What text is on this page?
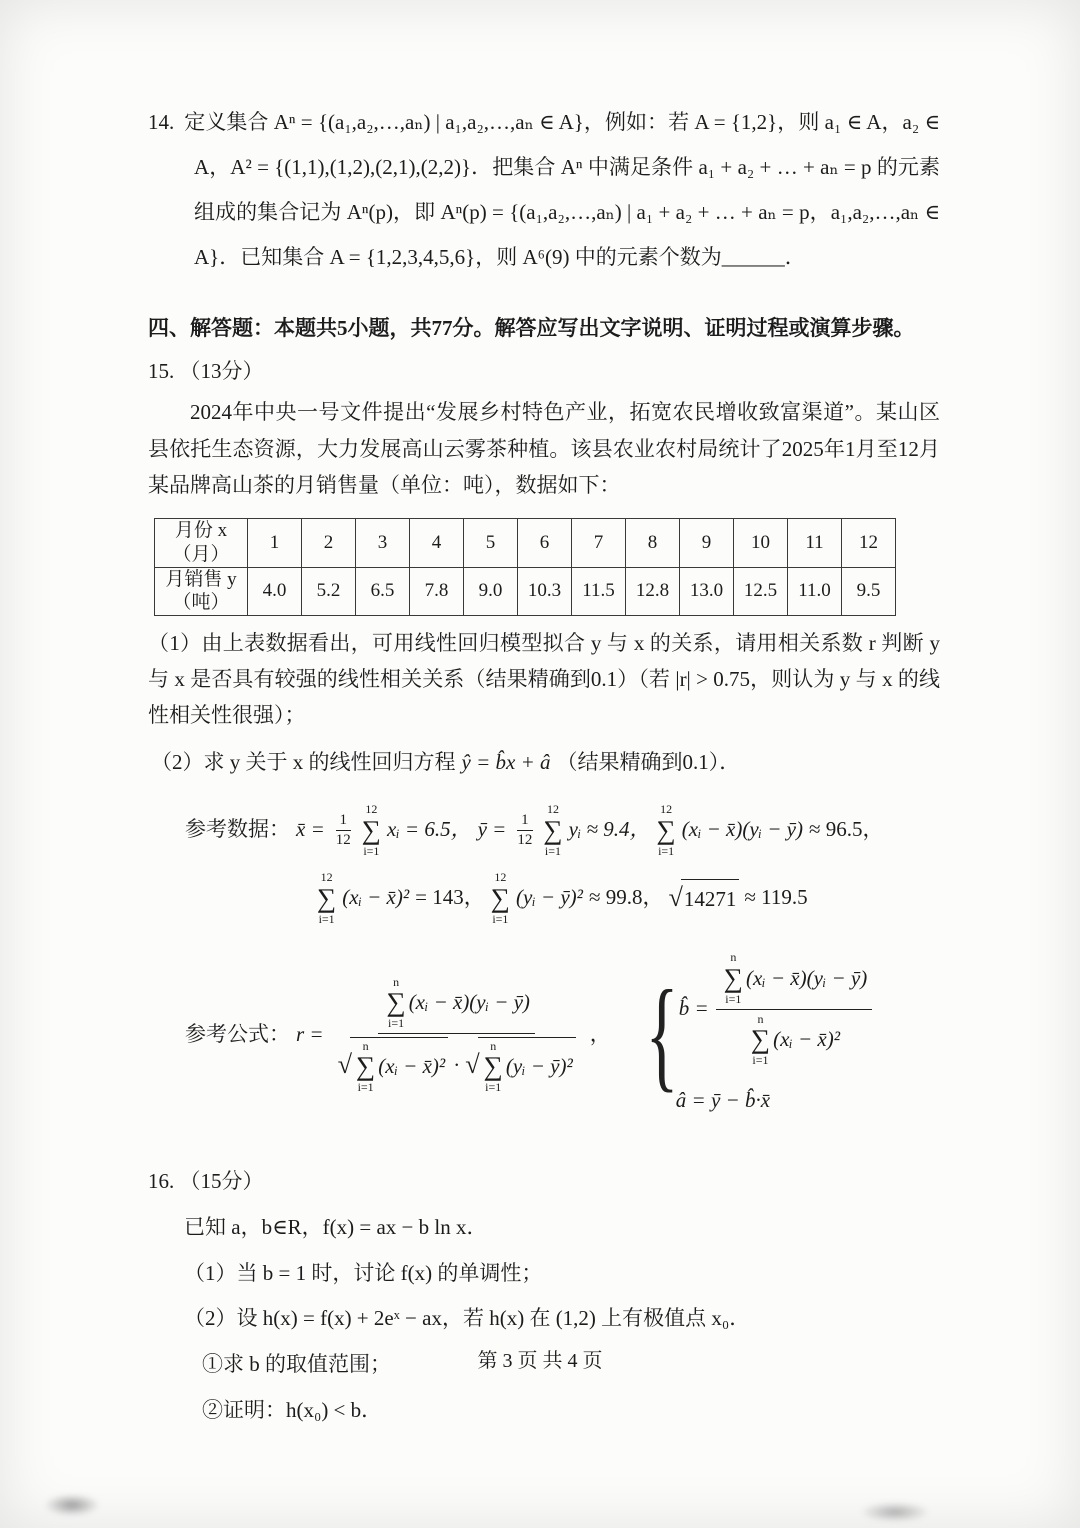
14. 定义集合 Aⁿ = {(a₁,a₂,…,aₙ) | a₁,a₂,…,aₙ ∈ A}，例如：若 A = {1,2}，则 a₁ ∈ A，a₂ ∈ A，A² = {(1,1),(1,2),(2,1),(2,2)}．把集合 Aⁿ 中满足条件 a₁ + a₂ + … + aₙ = p 的元素组成的集合记为 Aⁿ(p)，即 Aⁿ(p) = {(a₁,a₂,…,aₙ) | a₁ + a₂ + … + aₙ = p，a₁,a₂,…,aₙ ∈ A}．已知集合 A = {1,2,3,4,5,6}，则 A⁶(9) 中的元素个数为______．

四、解答题：本题共5小题，共77分。解答应写出文字说明、证明过程或演算步骤。

15. （13分）

2024年中央一号文件提出“发展乡村特色产业，拓宽农民增收致富渠道”。某山区县依托生态资源，大力发展高山云雾茶种植。该县农业农村局统计了2025年1月至12月某品牌高山茶的月销售量（单位：吨），数据如下：

月份 x
（月）	1	2	3	4	5	6	7	8	9	10	11	12

月销售 y
（吨）	4.0	5.2	6.5	7.8	9.0	10.3	11.5	12.8	13.0	12.5	11.0	9.5

（1）由上表数据看出，可用线性回归模型拟合 y 与 x 的关系，请用相关系数 r 判断 y 与 x 是否具有较强的线性相关关系（结果精确到0.1）（若 |r| > 0.75，则认为 y 与 x 的线性相关性很强）；

（2）求 y 关于 x 的线性回归方程 ŷ = b̂x + â （结果精确到0.1）．
参考数据： x̄ = $\frac{1}{12}$
12
∑
i=1
xᵢ = 6.5， ȳ = $\frac{1}{12}$
12
∑
i=1
yᵢ ≈ 9.4，
12
∑
i=1
(xᵢ − x̄)(yᵢ − ȳ) ≈ 96.5，
12
∑
i=1
(xᵢ − x̄)² = 143，
12
∑
i=1
(yᵢ − ȳ)² ≈ 99.8， √ 14271 ≈ 119.5
参考公式： r =
n
∑
i=1
(xᵢ − x̄)(yᵢ − ȳ)
√
n
∑
i=1
(xᵢ − x̄)² · √
n
∑
i=1
(yᵢ − ȳ)²
， { b̂ =
n
∑
i=1
(xᵢ − x̄)(yᵢ − ȳ)
n
∑
i=1
(xᵢ − x̄)²
â = ȳ − b̂·x̄

16. （15分）

已知 a，b∈R，f(x) = ax − b ln x．

（1）当 b = 1 时，讨论 f(x) 的单调性；

（2）设 h(x) = f(x) + 2eˣ − ax，若 h(x) 在 (1,2) 上有极值点 x₀．

①求 b 的取值范围；

②证明：h(x₀) < b．

第 3 页 共 4 页
